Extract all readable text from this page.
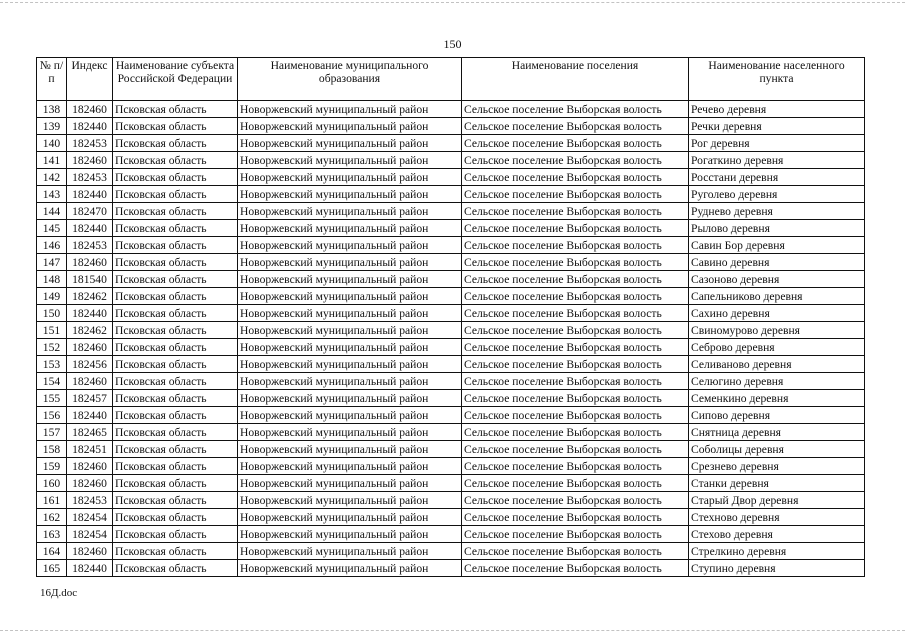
150
№ п/п	Индекс	Наименование субъекта Российской Федерации	Наименование муниципального образования	Наименование поселения	Наименование населенного пункта
138	182460	Псковская область	Новоржевский муниципальный район	Сельское поселение Выборская волость	Речево деревня
139	182440	Псковская область	Новоржевский муниципальный район	Сельское поселение Выборская волость	Речки деревня
140	182453	Псковская область	Новоржевский муниципальный район	Сельское поселение Выборская волость	Рог деревня
141	182460	Псковская область	Новоржевский муниципальный район	Сельское поселение Выборская волость	Рогаткино деревня
142	182453	Псковская область	Новоржевский муниципальный район	Сельское поселение Выборская волость	Росстани деревня
143	182440	Псковская область	Новоржевский муниципальный район	Сельское поселение Выборская волость	Руголево деревня
144	182470	Псковская область	Новоржевский муниципальный район	Сельское поселение Выборская волость	Руднево деревня
145	182440	Псковская область	Новоржевский муниципальный район	Сельское поселение Выборская волость	Рылово деревня
146	182453	Псковская область	Новоржевский муниципальный район	Сельское поселение Выборская волость	Савин Бор деревня
147	182460	Псковская область	Новоржевский муниципальный район	Сельское поселение Выборская волость	Савино деревня
148	181540	Псковская область	Новоржевский муниципальный район	Сельское поселение Выборская волость	Сазоново деревня
149	182462	Псковская область	Новоржевский муниципальный район	Сельское поселение Выборская волость	Сапельниково деревня
150	182440	Псковская область	Новоржевский муниципальный район	Сельское поселение Выборская волость	Сахино деревня
151	182462	Псковская область	Новоржевский муниципальный район	Сельское поселение Выборская волость	Свиномурово деревня
152	182460	Псковская область	Новоржевский муниципальный район	Сельское поселение Выборская волость	Себрово деревня
153	182456	Псковская область	Новоржевский муниципальный район	Сельское поселение Выборская волость	Селиваново деревня
154	182460	Псковская область	Новоржевский муниципальный район	Сельское поселение Выборская волость	Селюгино деревня
155	182457	Псковская область	Новоржевский муниципальный район	Сельское поселение Выборская волость	Семенкино деревня
156	182440	Псковская область	Новоржевский муниципальный район	Сельское поселение Выборская волость	Сипово деревня
157	182465	Псковская область	Новоржевский муниципальный район	Сельское поселение Выборская волость	Снятница деревня
158	182451	Псковская область	Новоржевский муниципальный район	Сельское поселение Выборская волость	Соболицы деревня
159	182460	Псковская область	Новоржевский муниципальный район	Сельское поселение Выборская волость	Срезнево деревня
160	182460	Псковская область	Новоржевский муниципальный район	Сельское поселение Выборская волость	Станки деревня
161	182453	Псковская область	Новоржевский муниципальный район	Сельское поселение Выборская волость	Старый Двор деревня
162	182454	Псковская область	Новоржевский муниципальный район	Сельское поселение Выборская волость	Стехново деревня
163	182454	Псковская область	Новоржевский муниципальный район	Сельское поселение Выборская волость	Стехово деревня
164	182460	Псковская область	Новоржевский муниципальный район	Сельское поселение Выборская волость	Стрелкино деревня
165	182440	Псковская область	Новоржевский муниципальный район	Сельское поселение Выборская волость	Ступино деревня
16Д.doc
